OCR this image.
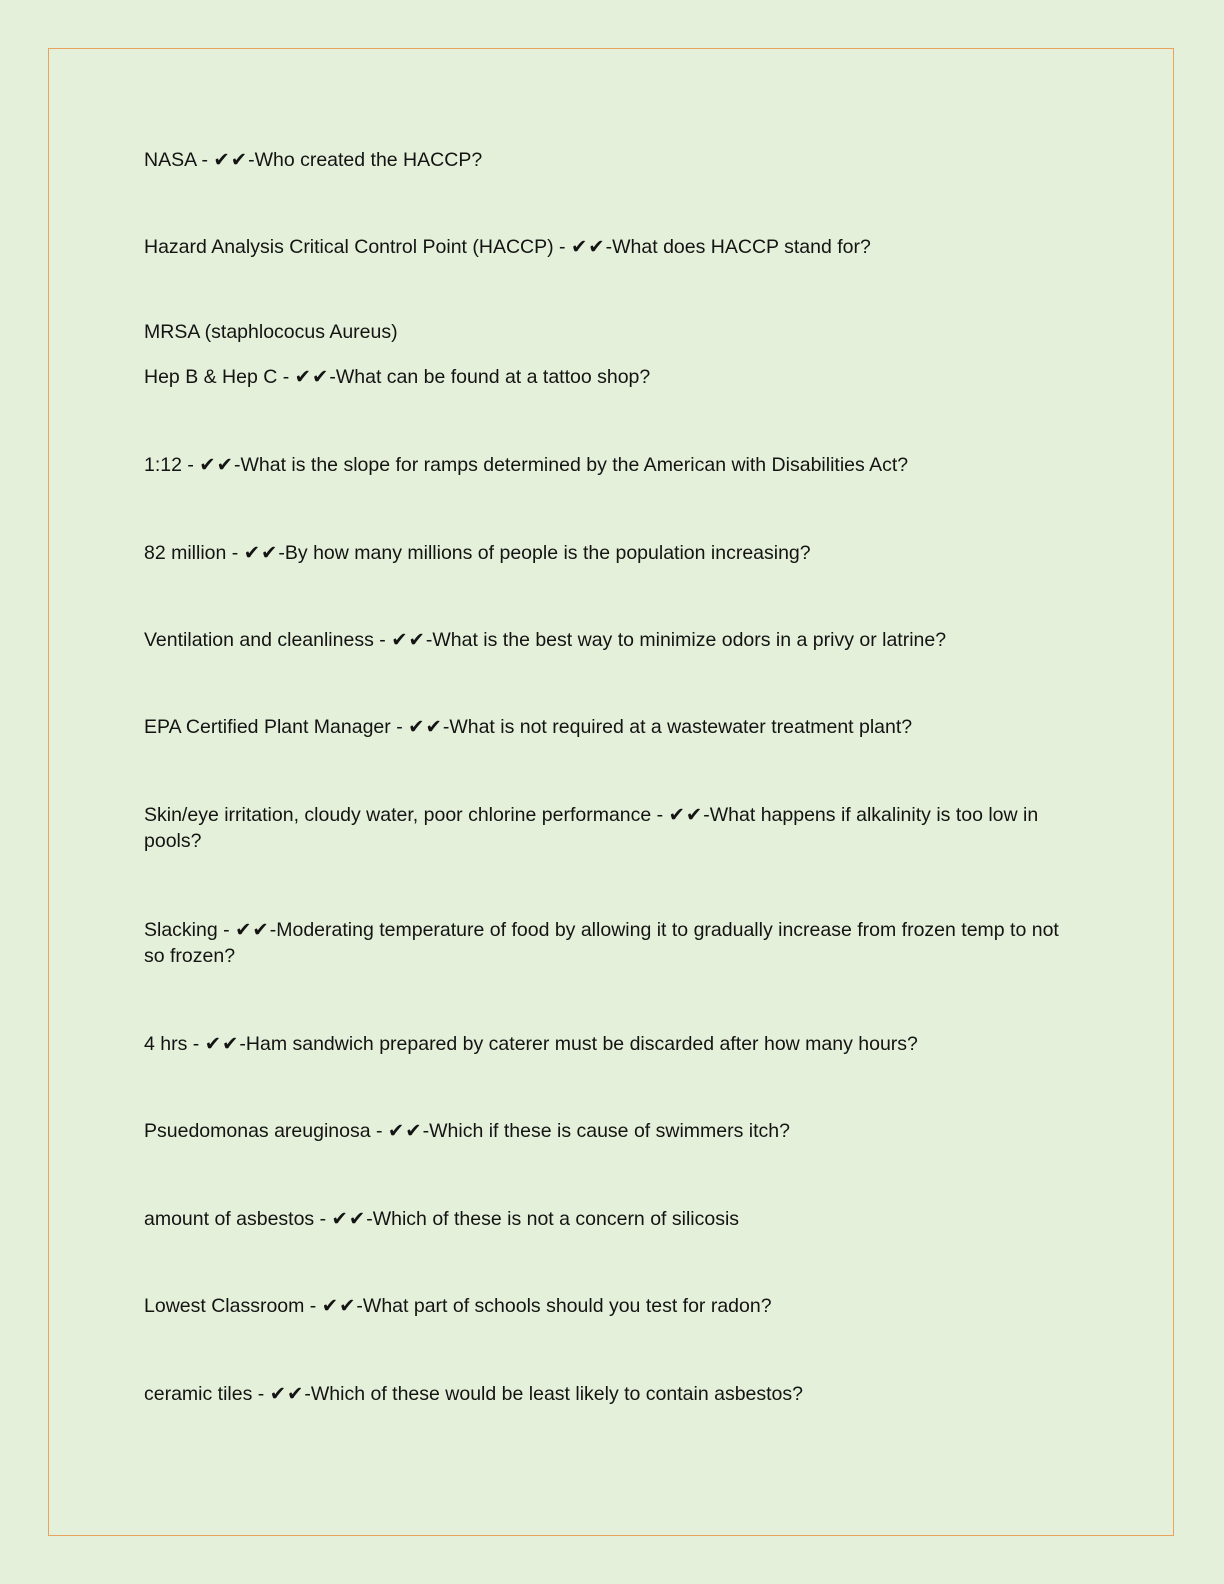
NASA - ✔✔-Who created the HACCP?

Hazard Analysis Critical Control Point (HACCP) - ✔✔-What does HACCP stand for?

MRSA (staphlococus Aureus)

Hep B & Hep C - ✔✔-What can be found at a tattoo shop?

1:12 - ✔✔-What is the slope for ramps determined by the American with Disabilities Act?

82 million - ✔✔-By how many millions of people is the population increasing?

Ventilation and cleanliness - ✔✔-What is the best way to minimize odors in a privy or latrine?

EPA Certified Plant Manager - ✔✔-What is not required at a wastewater treatment plant?

Skin/eye irritation, cloudy water, poor chlorine performance - ✔✔-What happens if alkalinity is too low in pools?

Slacking - ✔✔-Moderating temperature of food by allowing it to gradually increase from frozen temp to not so frozen?

4 hrs - ✔✔-Ham sandwich prepared by caterer must be discarded after how many hours?

Psuedomonas areuginosa - ✔✔-Which if these is cause of swimmers itch?

amount of asbestos - ✔✔-Which of these is not a concern of silicosis

Lowest Classroom - ✔✔-What part of schools should you test for radon?

ceramic tiles - ✔✔-Which of these would be least likely to contain asbestos?
